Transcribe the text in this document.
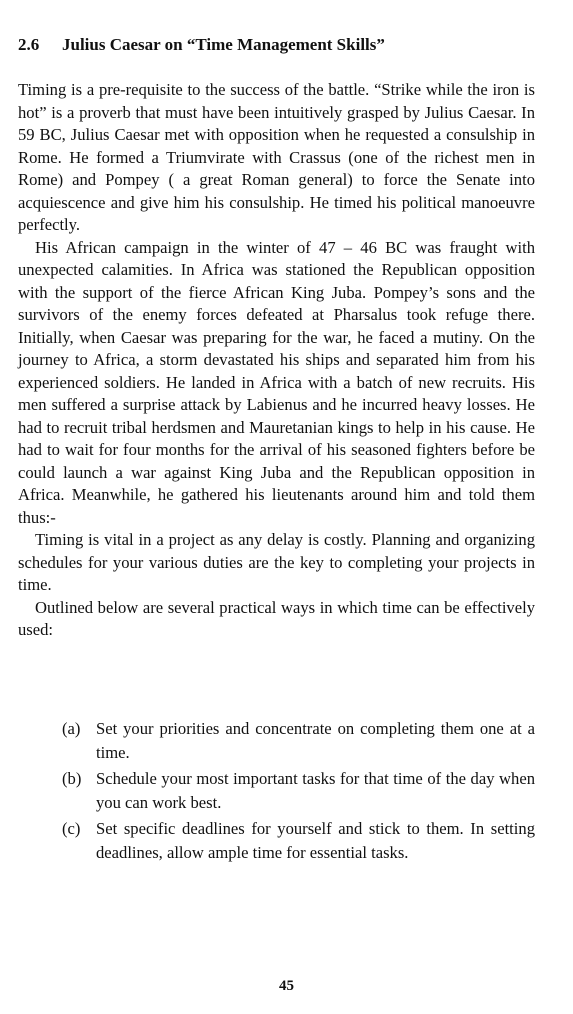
2.6 Julius Caesar on “Time Management Skills”

Timing is a pre-requisite to the success of the battle. “Strike while the iron is hot” is a proverb that must have been intuitively grasped by Julius Caesar. In 59 BC, Julius Caesar met with opposition when he requested a consulship in Rome. He formed a Triumvirate with Crassus (one of the richest men in Rome) and Pompey ( a great Roman general) to force the Senate into acquiescence and give him his consulship. He timed his political manoeuvre perfectly.

His African campaign in the winter of 47 – 46 BC was fraught with unexpected calamities. In Africa was stationed the Republican opposition with the support of the fierce African King Juba. Pompey’s sons and the survivors of the enemy forces defeated at Pharsalus took refuge there. Initially, when Caesar was preparing for the war, he faced a mutiny. On the journey to Africa, a storm devastated his ships and separated him from his experienced soldiers. He landed in Africa with a batch of new recruits. His men suffered a surprise attack by Labienus and he incurred heavy losses. He had to recruit tribal herdsmen and Mauretanian kings to help in his cause. He had to wait for four months for the arrival of his seasoned fighters before be could launch a war against King Juba and the Republican opposition in Africa. Meanwhile, he gathered his lieutenants around him and told them thus:-

Timing is vital in a project as any delay is costly. Planning and organizing schedules for your various duties are the key to completing your projects in time.

Outlined below are several practical ways in which time can be effectively used:

(a) Set your priorities and concentrate on completing them one at a time.
(b) Schedule your most important tasks for that time of the day when you can work best.
(c) Set specific deadlines for yourself and stick to them. In setting deadlines, allow ample time for essential tasks.
45
